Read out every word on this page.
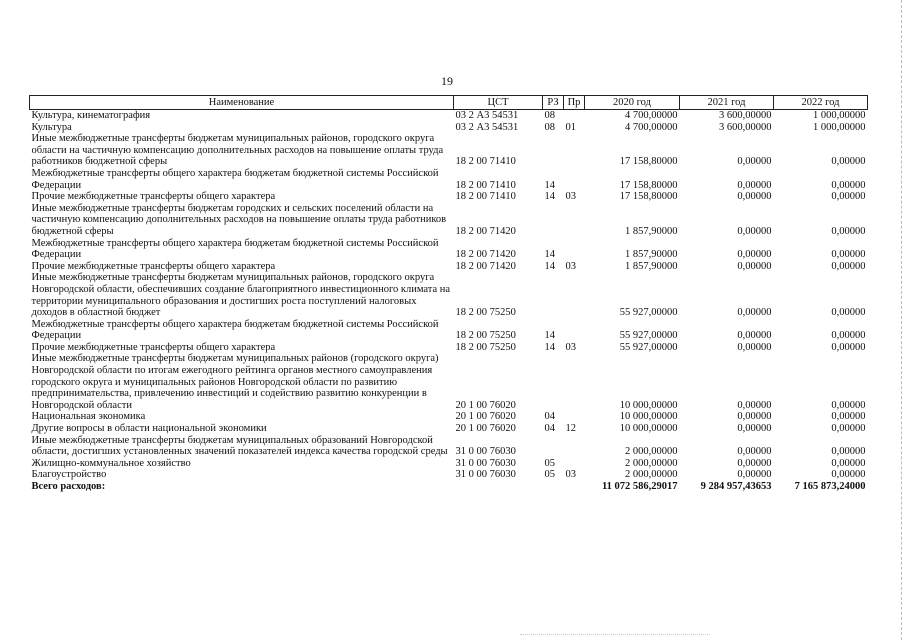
19
Наименование	ЦСТ	РЗ	Пр	2020 год	2021 год	2022 год
Культура, кинематография	03 2 А3 54531	08		4 700,00000	3 600,00000	1 000,00000
Культура	03 2 А3 54531	08	01	4 700,00000	3 600,00000	1 000,00000
Иные межбюджетные трансферты бюджетам муниципальных районов, городского округа области на частичную компенсацию дополнительных расходов на повышение оплаты труда работников бюджетной сферы	18 2 00 71410			17 158,80000	0,00000	0,00000
Межбюджетные трансферты общего характера бюджетам бюджетной системы Российской Федерации	18 2 00 71410	14		17 158,80000	0,00000	0,00000
Прочие межбюджетные трансферты общего характера	18 2 00 71410	14	03	17 158,80000	0,00000	0,00000
Иные межбюджетные трансферты бюджетам городских и сельских поселений области на частичную компенсацию дополнительных расходов на повышение оплаты труда работников бюджетной сферы	18 2 00 71420			1 857,90000	0,00000	0,00000
Межбюджетные трансферты общего характера бюджетам бюджетной системы Российской Федерации	18 2 00 71420	14		1 857,90000	0,00000	0,00000
Прочие межбюджетные трансферты общего характера	18 2 00 71420	14	03	1 857,90000	0,00000	0,00000
Иные межбюджетные трансферты бюджетам муниципальных районов, городского округа Новгородской области, обеспечивших создание благоприятного инвестиционного климата на территории муниципального образования и достигших роста поступлений налоговых доходов в областной бюджет	18 2 00 75250			55 927,00000	0,00000	0,00000
Межбюджетные трансферты общего характера бюджетам бюджетной системы Российской Федерации	18 2 00 75250	14		55 927,00000	0,00000	0,00000
Прочие межбюджетные трансферты общего характера	18 2 00 75250	14	03	55 927,00000	0,00000	0,00000
Иные межбюджетные трансферты бюджетам муниципальных районов (городского округа) Новгородской области по итогам ежегодного рейтинга органов местного самоуправления городского округа и муниципальных районов Новгородской области по развитию предпринимательства, привлечению инвестиций и содействию развитию конкуренции в Новгородской области	20 1 00 76020			10 000,00000	0,00000	0,00000
Национальная экономика	20 1 00 76020	04		10 000,00000	0,00000	0,00000
Другие вопросы в области национальной экономики	20 1 00 76020	04	12	10 000,00000	0,00000	0,00000
Иные межбюджетные трансферты бюджетам муниципальных образований Новгородской области, достигших установленных значений показателей индекса качества городской среды	31 0 00 76030			2 000,00000	0,00000	0,00000
Жилищно-коммунальное хозяйство	31 0 00 76030	05		2 000,00000	0,00000	0,00000
Благоустройство	31 0 00 76030	05	03	2 000,00000	0,00000	0,00000
Всего расходов:				11 072 586,29017	9 284 957,43653	7 165 873,24000
